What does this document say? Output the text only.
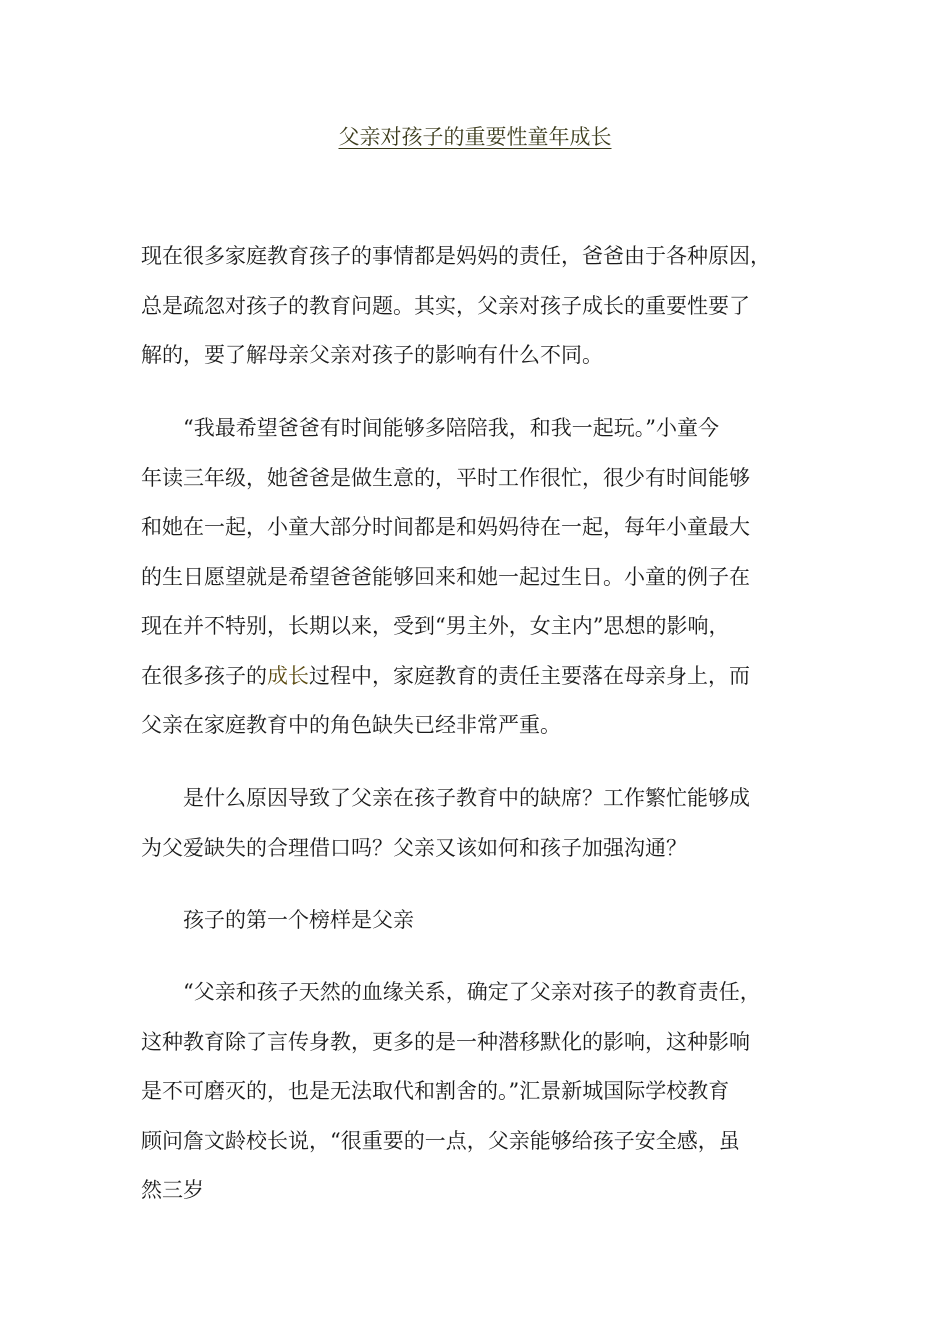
父亲对孩子的重要性童年成长
现在很多家庭教育孩子的事情都是妈妈的责任，爸爸由于各种原因，
总是疏忽对孩子的教育问题。其实，父亲对孩子成长的重要性要了
解的，要了解母亲父亲对孩子的影响有什么不同。
　　“我最希望爸爸有时间能够多陪陪我，和我一起玩。”小童今
年读三年级，她爸爸是做生意的，平时工作很忙，很少有时间能够
和她在一起，小童大部分时间都是和妈妈待在一起，每年小童最大
的生日愿望就是希望爸爸能够回来和她一起过生日。小童的例子在
现在并不特别，长期以来，受到“男主外，女主内”思想的影响，
在很多孩子的成长过程中，家庭教育的责任主要落在母亲身上，而
父亲在家庭教育中的角色缺失已经非常严重。
　　是什么原因导致了父亲在孩子教育中的缺席？工作繁忙能够成
为父爱缺失的合理借口吗？父亲又该如何和孩子加强沟通？
　　孩子的第一个榜样是父亲
　　“父亲和孩子天然的血缘关系，确定了父亲对孩子的教育责任，
这种教育除了言传身教，更多的是一种潜移默化的影响，这种影响
是不可磨灭的，也是无法取代和割舍的。”汇景新城国际学校教育
顾问詹文龄校长说，“很重要的一点，父亲能够给孩子安全感，虽
然三岁
